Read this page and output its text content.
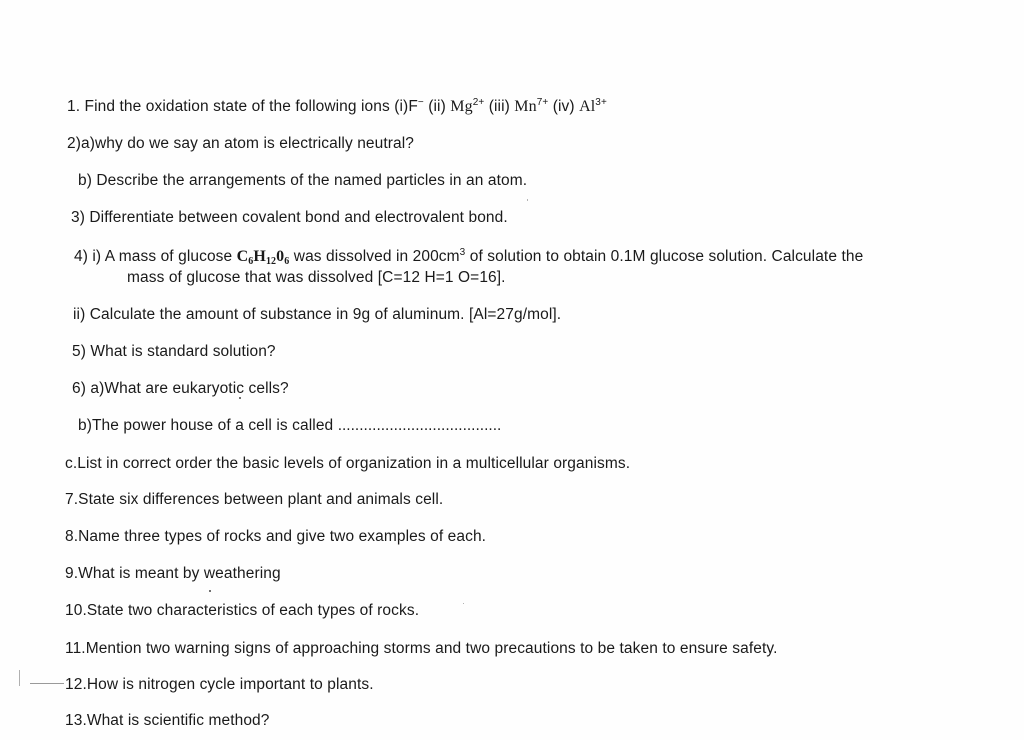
1. Find the oxidation state of the following ions (i)F− (ii) $Mg^{2+}$ (iii) $Mn^{7+}$ (iv) $Al^{3+}$
2)a)why do we say an atom is electrically neutral?
b) Describe the arrangements of the named particles in an atom.
3) Differentiate between covalent bond and electrovalent bond.
4) i) A mass of glucose $C_6H_{12}0_6$ was dissolved in $200cm^3$ of solution to obtain 0.1M glucose solution. Calculate the
mass of glucose that was dissolved [C=12 H=1 O=16].
ii) Calculate the amount of substance in 9g of aluminum. [Al=27g/mol].
5) What is standard solution?
6) a)What are eukaryotic cells?
b)The power house of a cell is called ......................................
c.List in correct order the basic levels of organization in a multicellular organisms.
7.State six differences between plant and animals cell.
8.Name three types of rocks and give two examples of each.
9.What is meant by weathering
10.State two characteristics of each types of rocks.
11.Mention two warning signs of approaching storms and two precautions to be taken to ensure safety.
12.How is nitrogen cycle important to plants.
13.What is scientific method?
